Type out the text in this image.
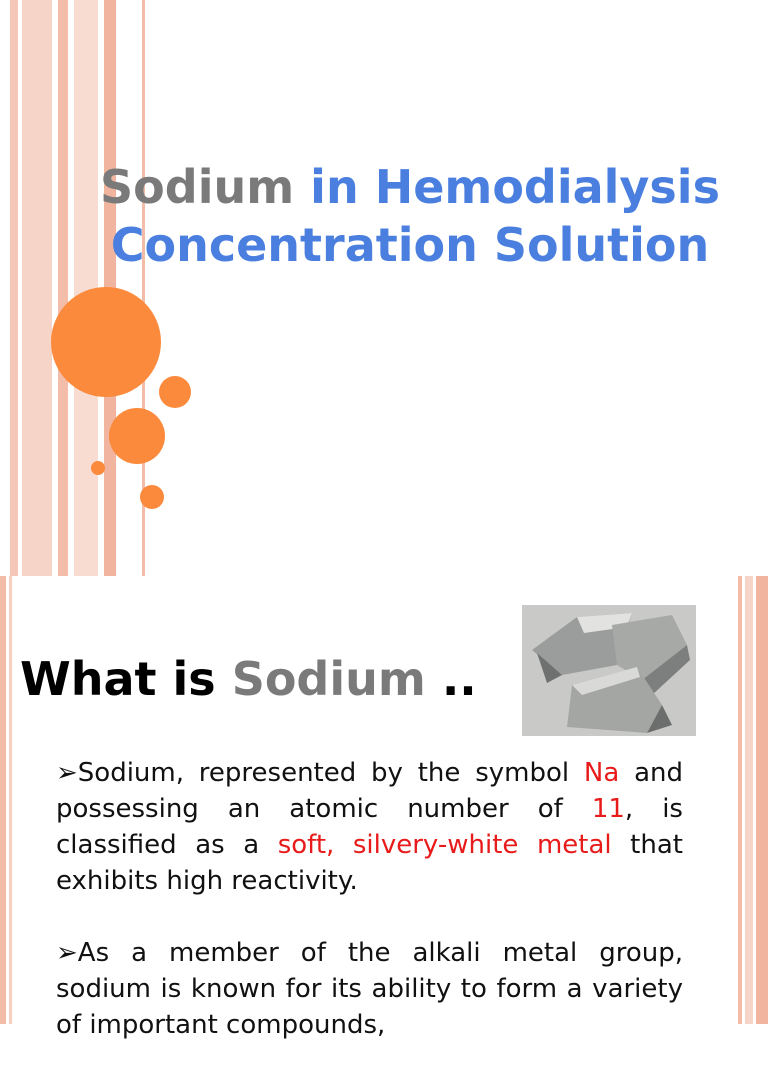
Sodium in Hemodialysis
Concentration Solution
What is Sodium ..

➢Sodium, represented by the symbol Na and possessing an atomic number of 11, is classified as a soft, silvery-white metal that exhibits high reactivity.

➢As a member of the alkali metal group, sodium is known for its ability to form a variety of important compounds,
